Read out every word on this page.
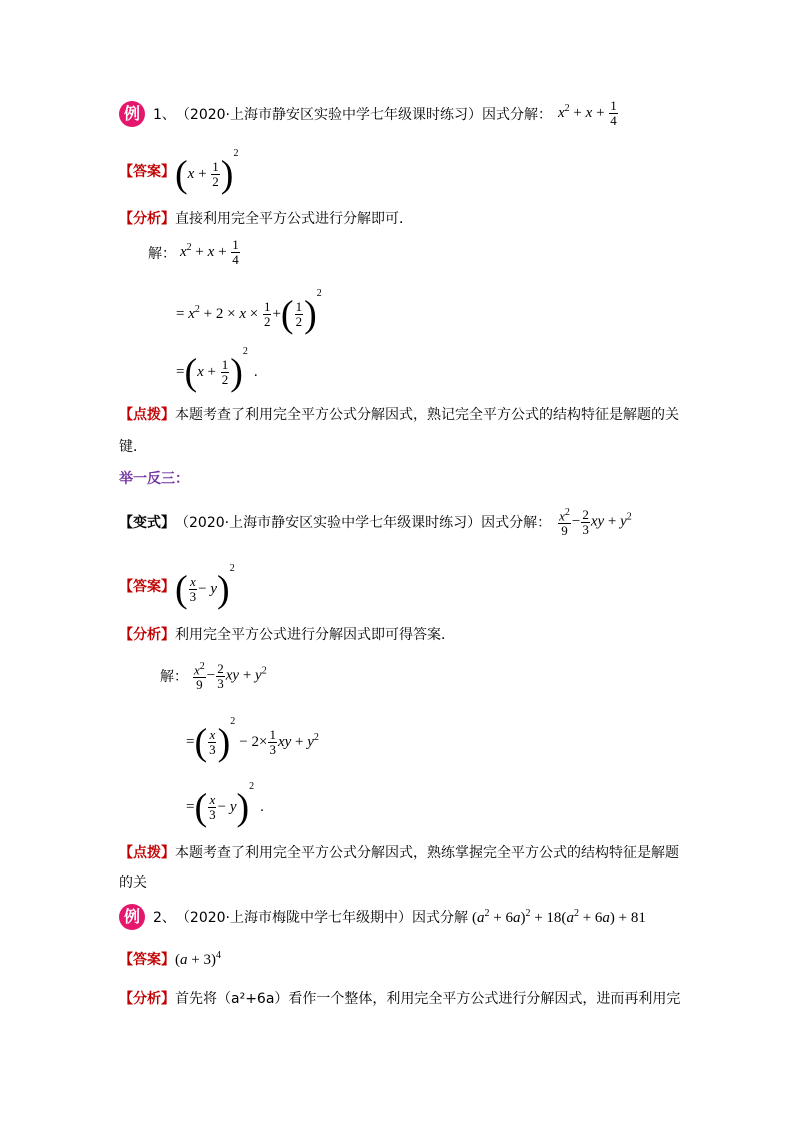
例 1、 （2020·上海市静安区实验中学七年级课时练习）因式分解： $x^2 + x + \frac{1}{4}$
【答案】 $(x + \frac{1}{2} )^2$
【分析】直接利用完全平方公式进行分解即可．
解： $x^2 + x + \frac{1}{4}$
= $x^2 + 2 \times x \times \frac{1}{2}$ +( $\frac{1}{2} )^2$
$=(x + \frac{1}{2} )^2$.
【点拨】本题考查了利用完全平方公式分解因式，熟记完全平方公式的结构特征是解题的关
键．
举一反三：
【变式】 （2020·上海市静安区实验中学七年级课时练习）因式分解： $\frac{x^2}{9} - \frac{2}{3}$ xy + $y^2$
【答案】 ( $\frac{x}{3} - y)^2$
【分析】利用完全平方公式进行分解因式即可得答案．
解： $\frac{x^2}{9} - \frac{2}{3}$ xy + $y^2$
=( $\frac{x}{3} )^2- 2\times \frac{1}{3}$ xy + $y^2$
=( $\frac{x}{3} - y)^2$.
【点拨】本题考查了利用完全平方公式分解因式，熟练掌握完全平方公式的结构特征是解题
的关
例 2、 （2020·上海市梅陇中学七年级期中）因式分解 $(a^2 + 6a)^2 + 18(a^2 + 6a) + 81$
【答案】 $(a + 3)^4$
【分析】首先将（a²+6a）看作一个整体，利用完全平方公式进行分解因式，进而再利用完
